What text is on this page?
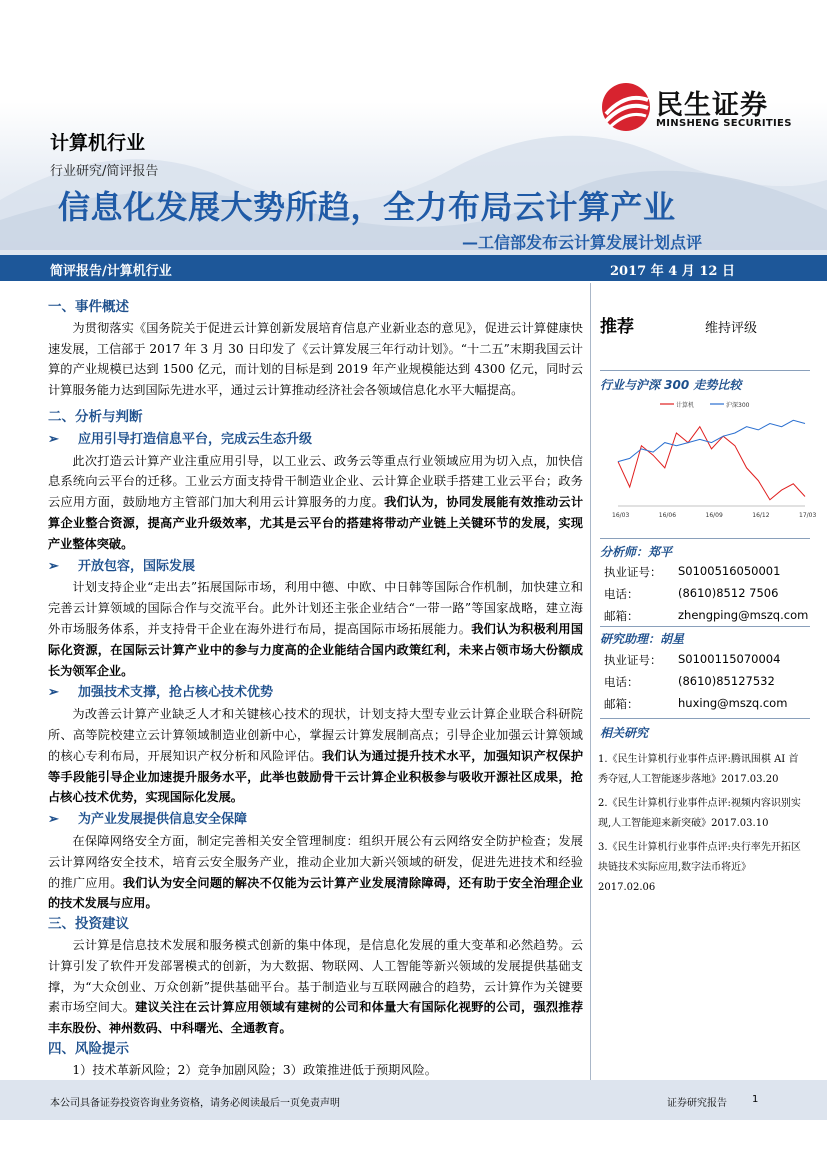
计算机行业
行业研究/简评报告
民生证券
MINSHENG SECURITIES
信息化发展大势所趋，全力布局云计算产业
—工信部发布云计算发展计划点评
简评报告/计算机行业	2017 年 4 月 12 日

一、事件概述

为贯彻落实《国务院关于促进云计算创新发展培育信息产业新业态的意见》，促进云计算健康快速发展，工信部于 2017 年 3 月 30 日印发了《云计算发展三年行动计划》。“十二五”末期我国云计算的产业规模已达到 1500 亿元，而计划的目标是到 2019 年产业规模能达到 4300 亿元，同时云计算服务能力达到国际先进水平，通过云计算推动经济社会各领域信息化水平大幅提高。

二、分析与判断

➢ 应用引导打造信息平台，完成云生态升级

此次打造云计算产业注重应用引导，以工业云、政务云等重点行业领域应用为切入点，加快信息系统向云平台的迁移。工业云方面支持骨干制造业企业、云计算企业联手搭建工业云平台；政务云应用方面，鼓励地方主管部门加大利用云计算服务的力度。我们认为，协同发展能有效推动云计算企业整合资源，提高产业升级效率，尤其是云平台的搭建将带动产业链上关键环节的发展，实现产业整体突破。

➢ 开放包容，国际发展

计划支持企业“走出去”拓展国际市场，利用中德、中欧、中日韩等国际合作机制，加快建立和完善云计算领域的国际合作与交流平台。此外计划还主张企业结合“一带一路”等国家战略，建立海外市场服务体系，并支持骨干企业在海外进行布局，提高国际市场拓展能力。我们认为积极利用国际化资源，在国际云计算产业中的参与力度高的企业能结合国内政策红利，未来占领市场大份额成长为领军企业。

➢ 加强技术支撑，抢占核心技术优势

为改善云计算产业缺乏人才和关键核心技术的现状，计划支持大型专业云计算企业联合科研院所、高等院校建立云计算领域制造业创新中心，掌握云计算发展制高点；引导企业加强云计算领域的核心专利布局，开展知识产权分析和风险评估。我们认为通过提升技术水平，加强知识产权保护等手段能引导企业加速提升服务水平，此举也鼓励骨干云计算企业积极参与吸收开源社区成果，抢占核心技术优势，实现国际化发展。

➢ 为产业发展提供信息安全保障

在保障网络安全方面，制定完善相关安全管理制度：组织开展公有云网络安全防护检查；发展云计算网络安全技术，培育云安全服务产业，推动企业加大新兴领域的研发，促进先进技术和经验的推广应用。我们认为安全问题的解决不仅能为云计算产业发展清除障碍，还有助于安全治理企业的技术发展与应用。

三、投资建议

云计算是信息技术发展和服务模式创新的集中体现，是信息化发展的重大变革和必然趋势。云计算引发了软件开发部署模式的创新，为大数据、物联网、人工智能等新兴领域的发展提供基础支撑，为“大众创业、万众创新”提供基础平台。基于制造业与互联网融合的趋势，云计算作为关键要素市场空间大。建议关注在云计算应用领域有建树的公司和体量大有国际化视野的公司，强烈推荐丰东股份、神州数码、中科曙光、全通教育。

四、风险提示

1）技术革新风险；2）竞争加剧风险；3）政策推进低于预期风险。

推荐	维持评级
行业与沪深 300 走势比较
计算机	沪深300
16/03	16/06	16/09	16/12	17/03
分析师：郑平
执业证号： S0100516050001
电话：	(8610)8512 7506
邮箱：	zhengping@mszq.com
研究助理：胡星
执业证号： S0100115070004
电话：	(8610)85127532
邮箱：	huxing@mszq.com
相关研究
1.《民生计算机行业事件点评:腾讯围棋 AI 首秀夺冠,人工智能逐步落地》2017.03.20
2.《民生计算机行业事件点评:视频内容识别实现,人工智能迎来新突破》2017.03.10
3.《民生计算机行业事件点评:央行率先开拓区块链技术实际应用,数字法币将近》2017.02.06
本公司具备证券投资咨询业务资格，请务必阅读最后一页免责声明	证券研究报告	1
